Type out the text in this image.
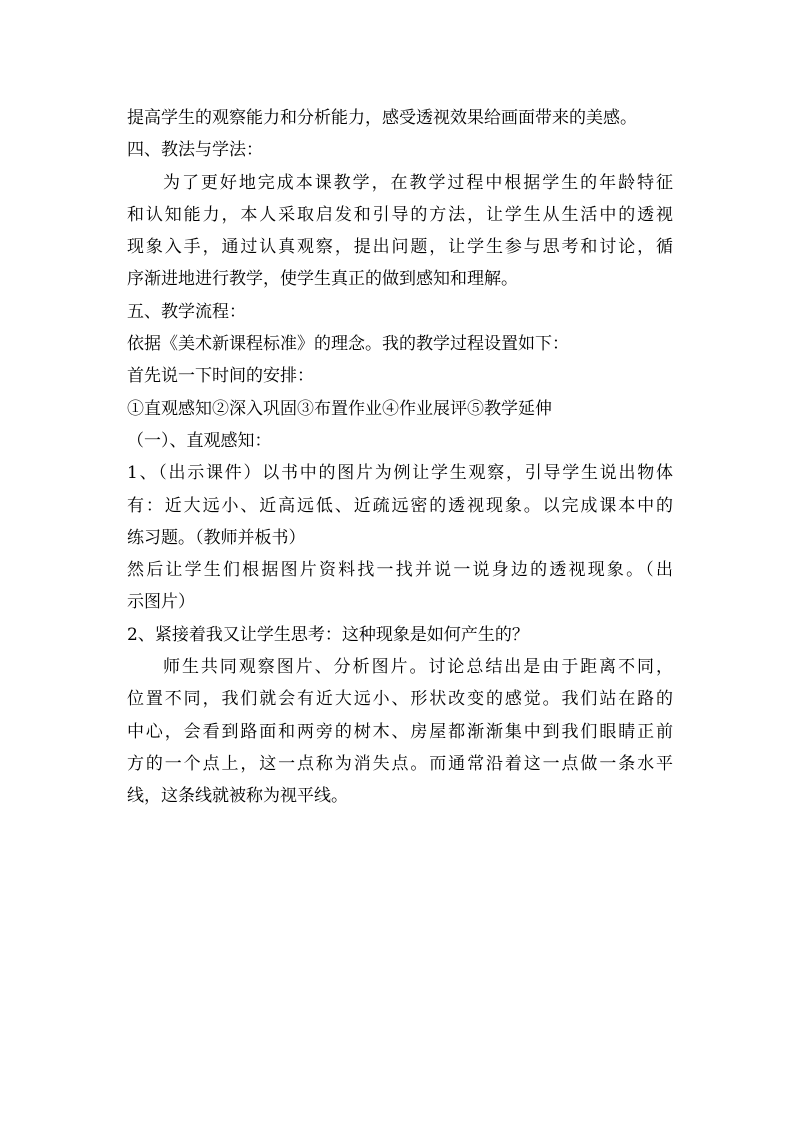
提高学生的观察能力和分析能力，感受透视效果给画面带来的美感。
四、教法与学法：
为了更好地完成本课教学，在教学过程中根据学生的年龄特征
和认知能力，本人采取启发和引导的方法，让学生从生活中的透视
现象入手，通过认真观察，提出问题，让学生参与思考和讨论，循
序渐进地进行教学，使学生真正的做到感知和理解。
五、教学流程：
依据《美术新课程标准》的理念。我的教学过程设置如下：
首先说一下时间的安排：
①直观感知②深入巩固③布置作业④作业展评⑤教学延伸
（一）、直观感知：
1、（出示课件）以书中的图片为例让学生观察，引导学生说出物体
有：近大远小、近高远低、近疏远密的透视现象。以完成课本中的
练习题。（教师并板书）
然后让学生们根据图片资料找一找并说一说身边的透视现象。（出
示图片）
2、紧接着我又让学生思考：这种现象是如何产生的？
师生共同观察图片、分析图片。讨论总结出是由于距离不同，
位置不同，我们就会有近大远小、形状改变的感觉。我们站在路的
中心，会看到路面和两旁的树木、房屋都渐渐集中到我们眼睛正前
方的一个点上，这一点称为消失点。而通常沿着这一点做一条水平
线，这条线就被称为视平线。
